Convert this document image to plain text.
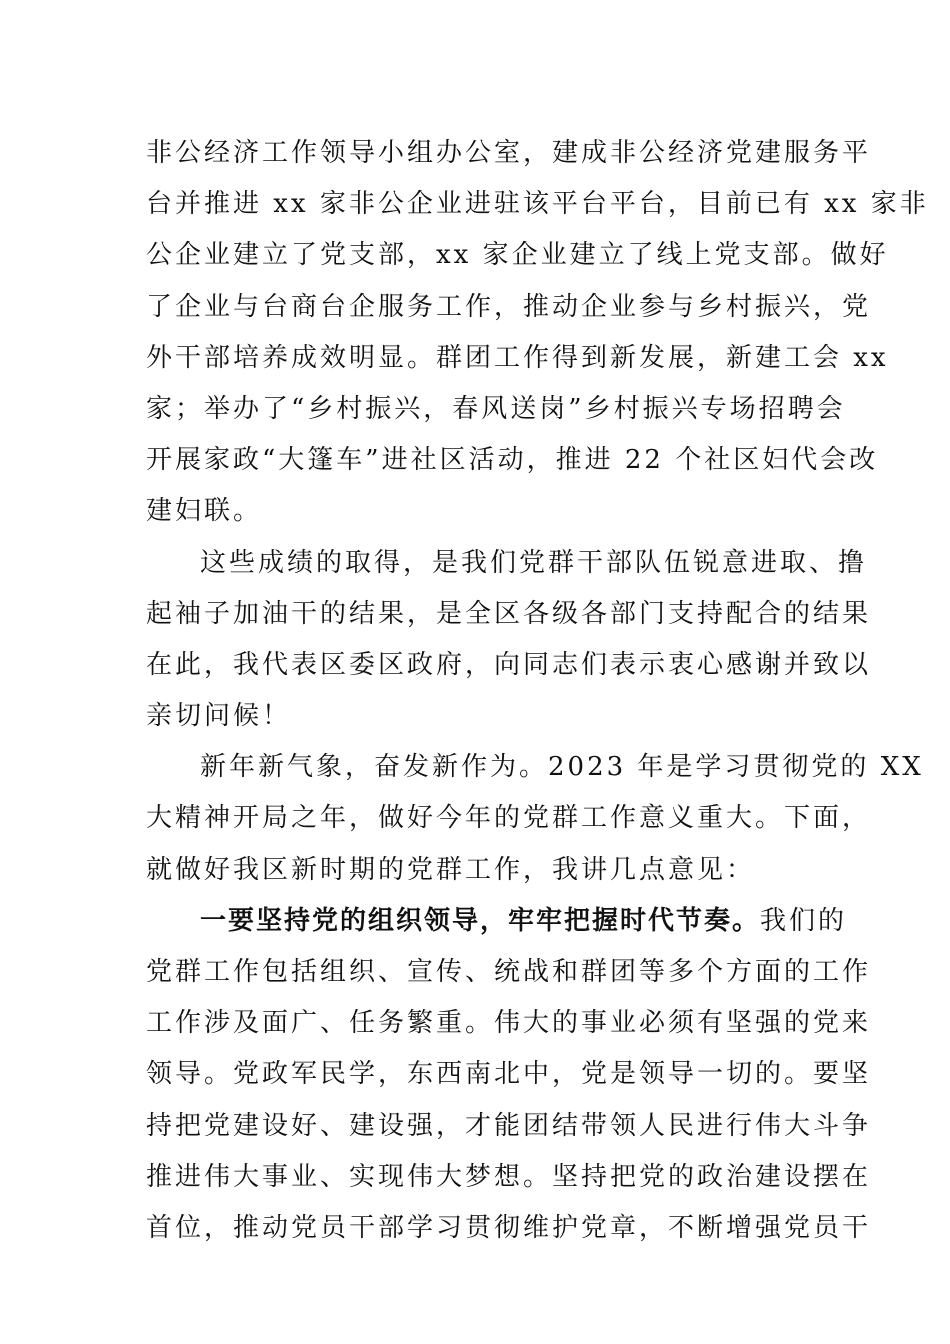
非公经济工作领导小组办公室，建成非公经济党建服务平
台并推进 xx 家非公企业进驻该平台平台，目前已有 xx 家非
公企业建立了党支部，xx 家企业建立了线上党支部。做好
了企业与台商台企服务工作，推动企业参与乡村振兴，党
外干部培养成效明显。群团工作得到新发展，新建工会 xx
家；举办了“乡村振兴，春风送岗”乡村振兴专场招聘会
开展家政“大篷车”进社区活动，推进 22 个社区妇代会改
建妇联。
这些成绩的取得，是我们党群干部队伍锐意进取、撸
起袖子加油干的结果，是全区各级各部门支持配合的结果
在此，我代表区委区政府，向同志们表示衷心感谢并致以
亲切问候！
新年新气象，奋发新作为。2023 年是学习贯彻党的 XX
大精神开局之年，做好今年的党群工作意义重大。下面，
就做好我区新时期的党群工作，我讲几点意见：
一要坚持党的组织领导，牢牢把握时代节奏。我们的
党群工作包括组织、宣传、统战和群团等多个方面的工作
工作涉及面广、任务繁重。伟大的事业必须有坚强的党来
领导。党政军民学，东西南北中，党是领导一切的。要坚
持把党建设好、建设强，才能团结带领人民进行伟大斗争
推进伟大事业、实现伟大梦想。坚持把党的政治建设摆在
首位，推动党员干部学习贯彻维护党章，不断增强党员干
